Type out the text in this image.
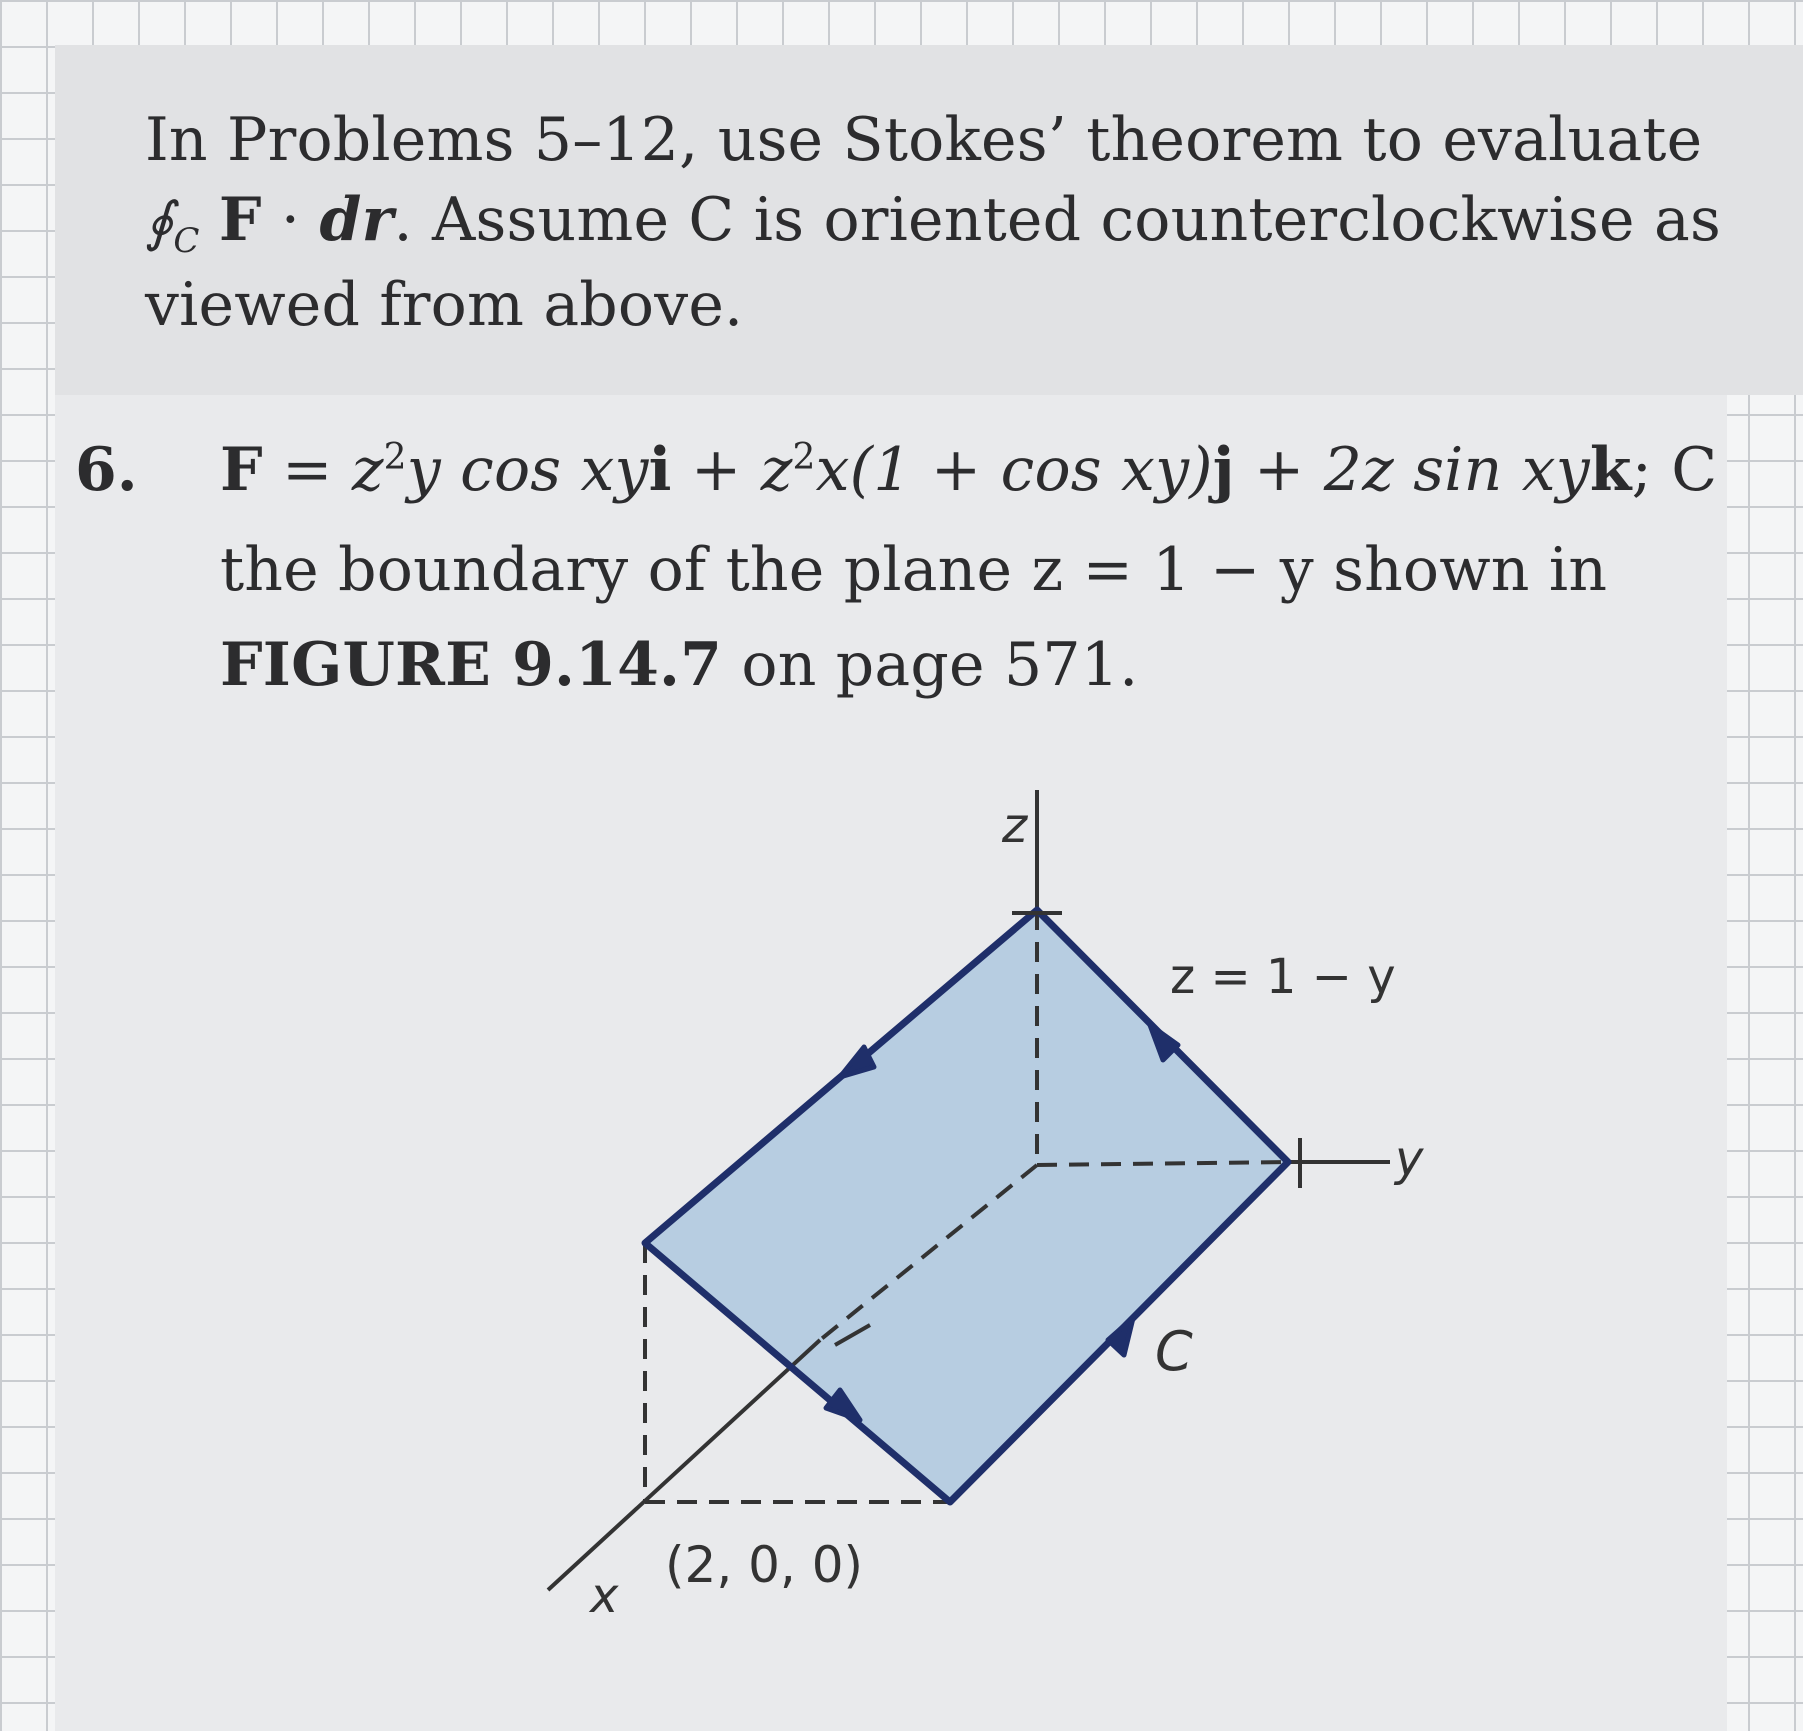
In Problems 5–12, use Stokes’ theorem to evaluate
$∮_C$ F · dr. Assume C is oriented counterclockwise as
viewed from above.
6. $F = z^2y$ cos xyi + $z^2x(1 + \cos xy)j + 2z$ sin xyk; C
the boundary of the plane z = 1 − y shown in
FIGURE 9.14.7 on page 571.
z
z = 1 − y
y
C
(2, 0, 0)
x
